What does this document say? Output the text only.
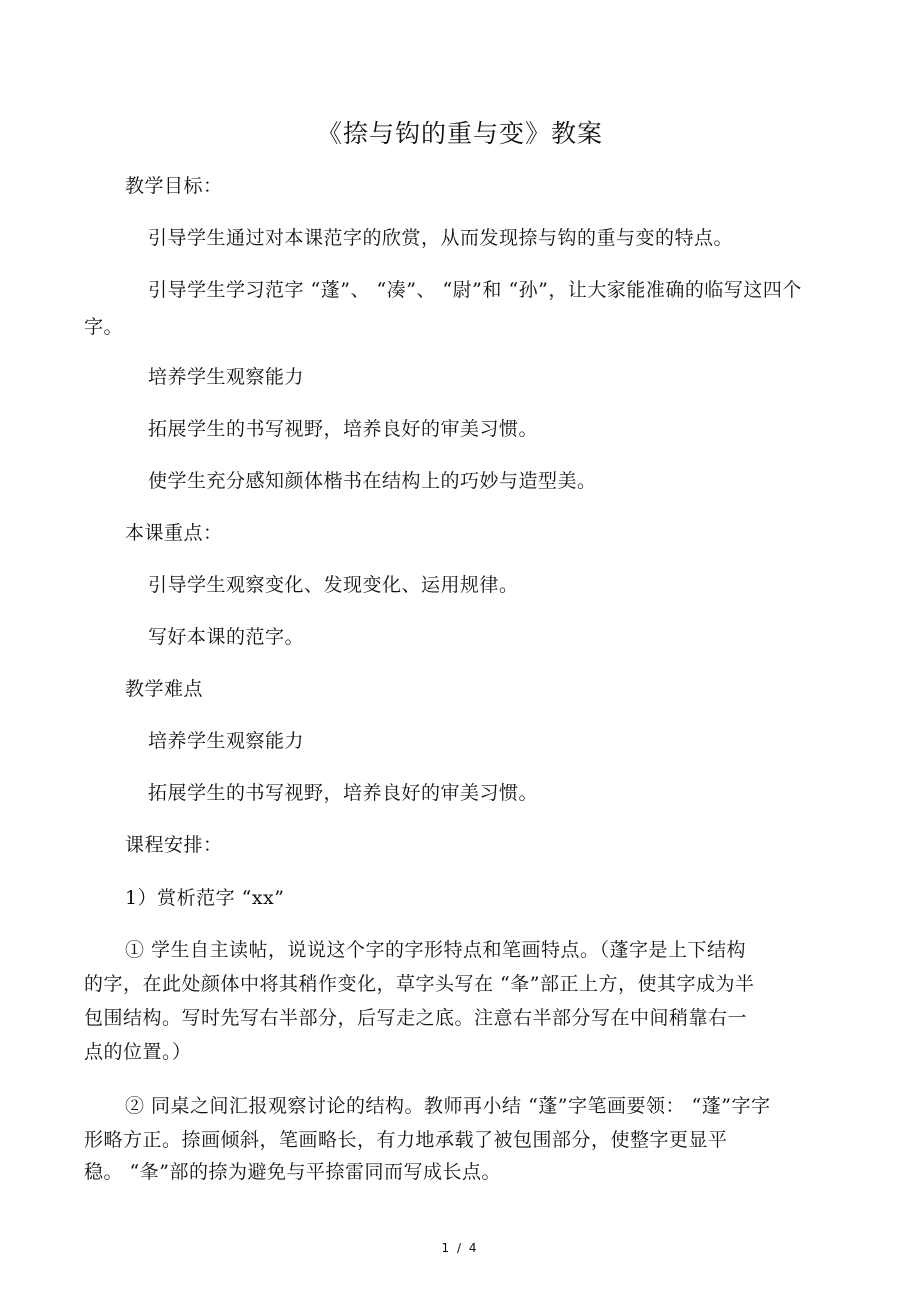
《捺与钩的重与变》教案
教学目标：
引导学生通过对本课范字的欣赏，从而发现捺与钩的重与变的特点。
引导学生学习范字 “蓬”、 “凑”、 “尉”和 “孙”，让大家能准确的临写这四个
字。
培养学生观察能力
拓展学生的书写视野，培养良好的审美习惯。
使学生充分感知颜体楷书在结构上的巧妙与造型美。
本课重点：
引导学生观察变化、发现变化、运用规律。
写好本课的范字。
教学难点
培养学生观察能力
拓展学生的书写视野，培养良好的审美习惯。
课程安排：
1）赏析范字 “xx”
① 学生自主读帖，说说这个字的字形特点和笔画特点。（蓬字是上下结构
的字，在此处颜体中将其稍作变化，草字头写在 “夆”部正上方，使其字成为半
包围结构。写时先写右半部分，后写走之底。注意右半部分写在中间稍靠右一
点的位置。）
② 同桌之间汇报观察讨论的结构。教师再小结 “蓬”字笔画要领： “蓬”字字
形略方正。捺画倾斜，笔画略长，有力地承载了被包围部分，使整字更显平
稳。 “夆”部的捺为避免与平捺雷同而写成长点。
1 / 4
